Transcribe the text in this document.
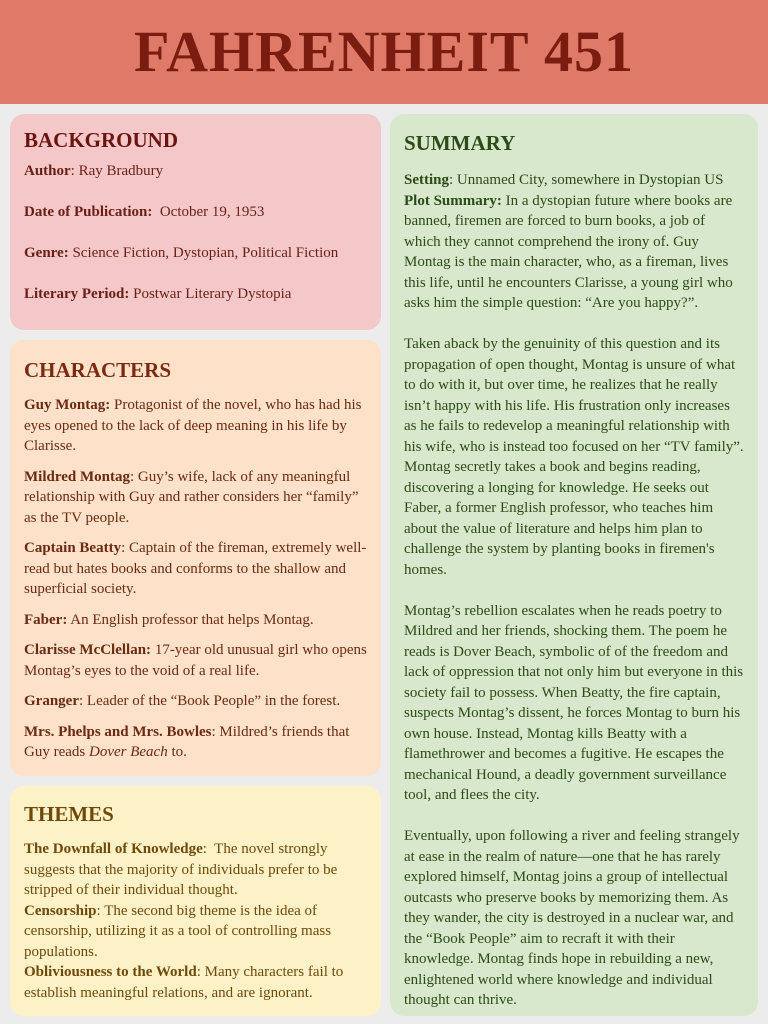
FAHRENHEIT 451
BACKGROUND

Author: Ray Bradbury

Date of Publication: October 19, 1953

Genre: Science Fiction, Dystopian, Political Fiction

Literary Period: Postwar Literary Dystopia

CHARACTERS

Guy Montag: Protagonist of the novel, who has had his eyes opened to the lack of deep meaning in his life by Clarisse.

Mildred Montag: Guy’s wife, lack of any meaningful relationship with Guy and rather considers her “family” as the TV people.

Captain Beatty: Captain of the fireman, extremely well-read but hates books and conforms to the shallow and superficial society.

Faber: An English professor that helps Montag.

Clarisse McClellan: 17-year old unusual girl who opens Montag’s eyes to the void of a real life.

Granger: Leader of the “Book People” in the forest.

Mrs. Phelps and Mrs. Bowles: Mildred’s friends that Guy reads Dover Beach to.

THEMES

The Downfall of Knowledge:  The novel strongly suggests that the majority of individuals prefer to be stripped of their individual thought.

Censorship: The second big theme is the idea of censorship, utilizing it as a tool of controlling mass populations.

Obliviousness to the World: Many characters fail to establish meaningful relations, and are ignorant.

SUMMARY

Setting: Unnamed City, somewhere in Dystopian US

Plot Summary: In a dystopian future where books are banned, firemen are forced to burn books, a job of which they cannot comprehend the irony of. Guy Montag is the main character, who, as a fireman, lives this life, until he encounters Clarisse, a young girl who asks him the simple question: “Are you happy?”.

Taken aback by the genuinity of this question and its propagation of open thought, Montag is unsure of what to do with it, but over time, he realizes that he really isn’t happy with his life. His frustration only increases as he fails to redevelop a meaningful relationship with his wife, who is instead too focused on her “TV family”. Montag secretly takes a book and begins reading, discovering a longing for knowledge. He seeks out Faber, a former English professor, who teaches him about the value of literature and helps him plan to challenge the system by planting books in firemen's homes.

Montag’s rebellion escalates when he reads poetry to Mildred and her friends, shocking them. The poem he reads is Dover Beach, symbolic of of the freedom and lack of oppression that not only him but everyone in this society fail to possess. When Beatty, the fire captain, suspects Montag’s dissent, he forces Montag to burn his own house. Instead, Montag kills Beatty with a flamethrower and becomes a fugitive. He escapes the mechanical Hound, a deadly government surveillance tool, and flees the city.

Eventually, upon following a river and feeling strangely at ease in the realm of nature—one that he has rarely explored himself, Montag joins a group of intellectual outcasts who preserve books by memorizing them. As they wander, the city is destroyed in a nuclear war, and the “Book People” aim to recraft it with their knowledge. Montag finds hope in rebuilding a new, enlightened world where knowledge and individual thought can thrive.
